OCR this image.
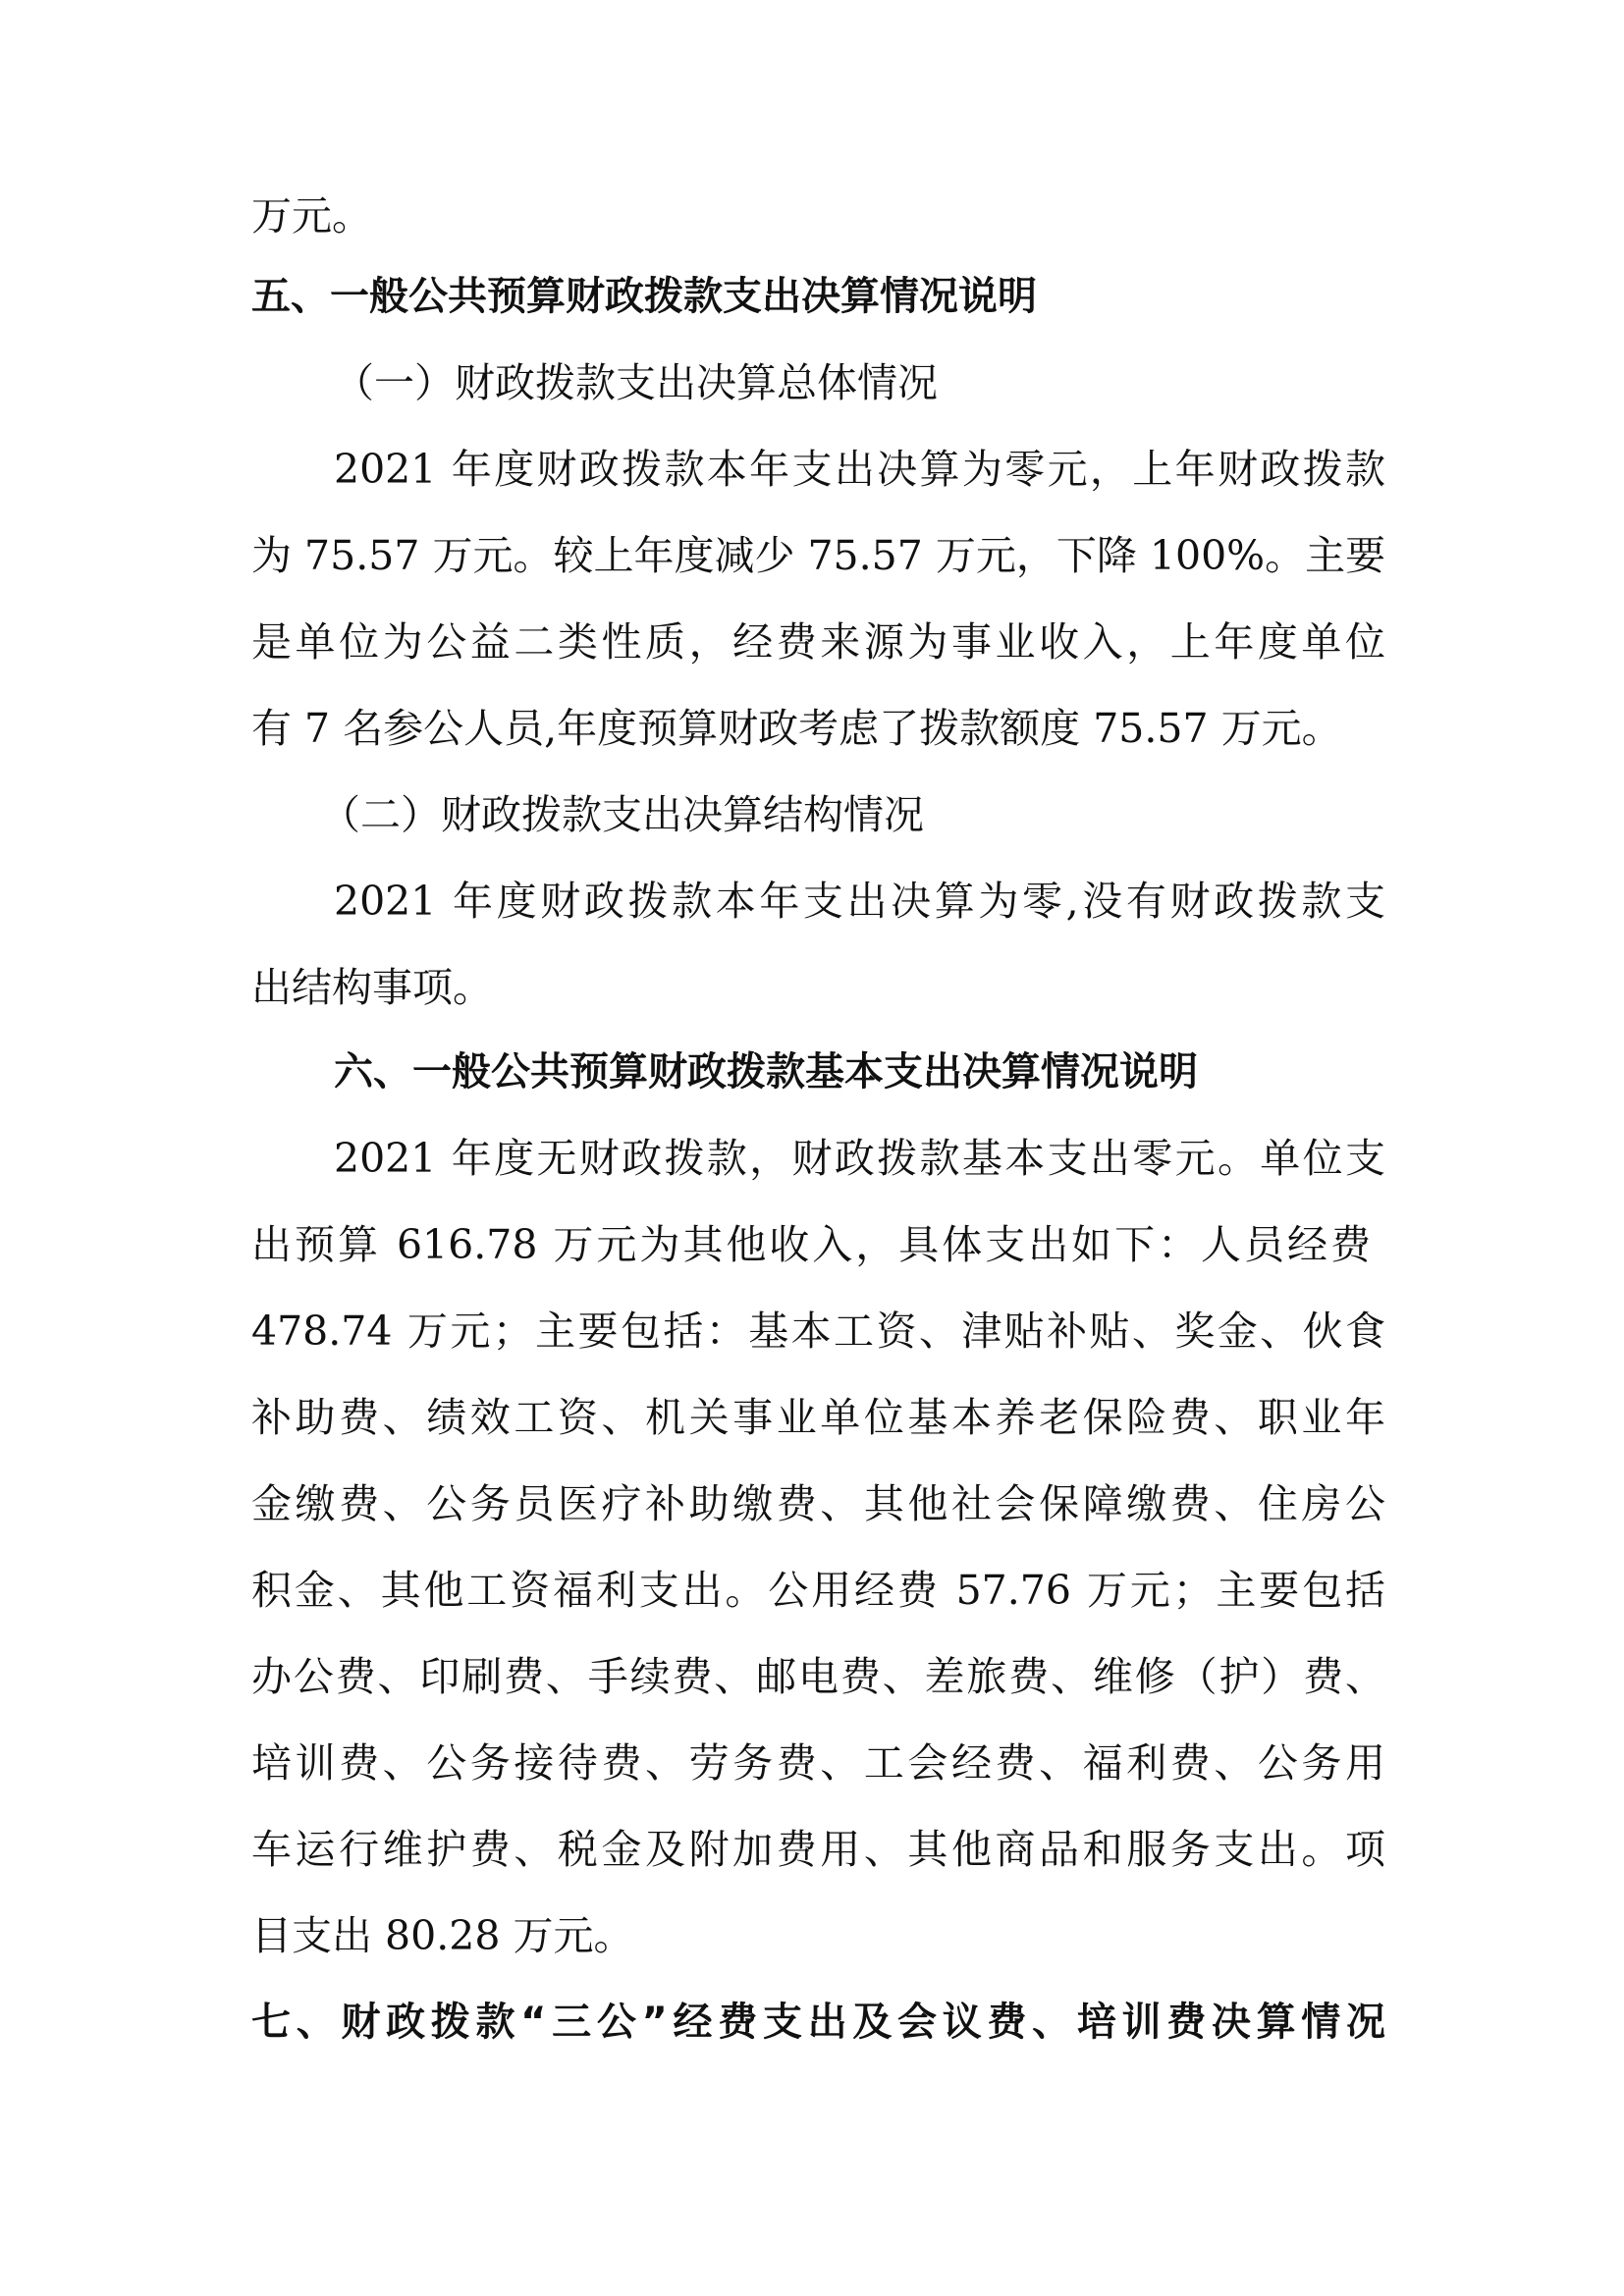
万元。
五、一般公共预算财政拨款支出决算情况说明
（一）财政拨款支出决算总体情况
2021 年度财政拨款本年支出决算为零元，上年财政拨款
为 75.57 万元。较上年度减少 75.57 万元，下降 100%。主要
是单位为公益二类性质，经费来源为事业收入，上年度单位
有 7 名参公人员,年度预算财政考虑了拨款额度 75.57 万元。
（二）财政拨款支出决算结构情况
2021 年度财政拨款本年支出决算为零,没有财政拨款支
出结构事项。
六、一般公共预算财政拨款基本支出决算情况说明
2021 年度无财政拨款，财政拨款基本支出零元。单位支
出预算 616.78 万元为其他收入，具体支出如下：人员经费
478.74 万元；主要包括：基本工资、津贴补贴、奖金、伙食
补助费、绩效工资、机关事业单位基本养老保险费、职业年
金缴费、公务员医疗补助缴费、其他社会保障缴费、住房公
积金、其他工资福利支出。公用经费 57.76 万元；主要包括
办公费、印刷费、手续费、邮电费、差旅费、维修（护）费、
培训费、公务接待费、劳务费、工会经费、福利费、公务用
车运行维护费、税金及附加费用、其他商品和服务支出。项
目支出 80.28 万元。
七、财政拨款“三公”经费支出及会议费、培训费决算情况
